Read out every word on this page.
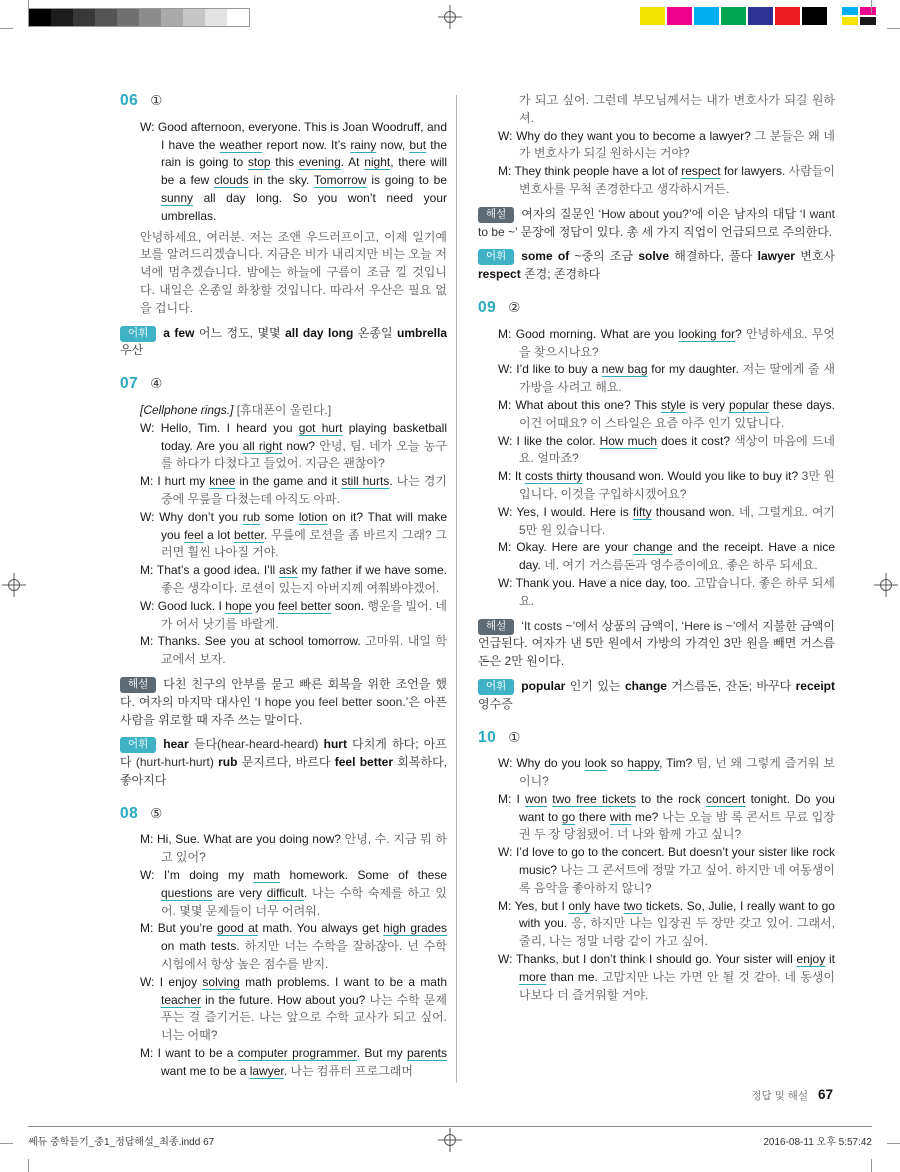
06 ①
W: Good afternoon, everyone. This is Joan Woodruff, and I have the weather report now. It’s rainy now, but the rain is going to stop this evening. At night, there will be a few clouds in the sky. Tomorrow is going to be sunny all day long. So you won’t need your umbrellas.
안녕하세요, 여러분. 저는 조앤 우드러프이고, 이제 일기예보를 알려드리겠습니다. 지금은 비가 내리지만 비는 오늘 저녁에 멈추겠습니다. 밤에는 하늘에 구름이 조금 낄 것입니다. 내일은 온종일 화창할 것입니다. 따라서 우산은 필요 없을 겁니다.
어휘 a few 어느 정도, 몇몇 all day long 온종일 umbrella 우산
07 ④
[Cellphone rings.] [휴대폰이 울린다.]
W: Hello, Tim. I heard you got hurt playing basketball today. Are you all right now? 안녕, 팀. 네가 오늘 농구를 하다가 다쳤다고 들었어. 지금은 괜찮아?
M: I hurt my knee in the game and it still hurts. 나는 경기 중에 무릎을 다쳤는데 아직도 아파.
W: Why don’t you rub some lotion on it? That will make you feel a lot better. 무릎에 로션을 좀 바르지 그래? 그러면 훨씬 나아질 거야.
M: That’s a good idea. I’ll ask my father if we have some. 좋은 생각이다. 로션이 있는지 아버지께 여쭤봐야겠어.
W: Good luck. I hope you feel better soon. 행운을 빌어. 네가 어서 낫기를 바랄게.
M: Thanks. See you at school tomorrow. 고마워. 내일 학교에서 보자.
해설 다친 친구의 안부를 묻고 빠른 회복을 위한 조언을 했다. 여자의 마지막 대사인 ‘I hope you feel better soon.’은 아픈 사람을 위로할 때 자주 쓰는 말이다.
어휘 hear 듣다(hear-heard-heard) hurt 다치게 하다; 아프다 (hurt-hurt-hurt) rub 문지르다, 바르다 feel better 회복하다, 좋아지다
08 ⑤
M: Hi, Sue. What are you doing now? 안녕, 수. 지금 뭐 하고 있어?
W: I’m doing my math homework. Some of these questions are very difficult. 나는 수학 숙제를 하고 있어. 몇몇 문제들이 너무 어려워.
M: But you’re good at math. You always get high grades on math tests. 하지만 너는 수학을 잘하잖아. 넌 수학 시험에서 항상 높은 점수를 받지.
W: I enjoy solving math problems. I want to be a math teacher in the future. How about you? 나는 수학 문제 푸는 걸 즐기거든. 나는 앞으로 수학 교사가 되고 싶어. 너는 어때?
M: I want to be a computer programmer. But my parents want me to be a lawyer. 나는 컴퓨터 프로그래머
가 되고 싶어. 그런데 부모님께서는 내가 변호사가 되길 원하셔.
W: Why do they want you to become a lawyer? 그 분들은 왜 네가 변호사가 되길 원하시는 거야?
M: They think people have a lot of respect for lawyers. 사람들이 변호사를 무척 존경한다고 생각하시거든.
해설 여자의 질문인 ‘How about you?’에 이은 남자의 대답 ‘I want to be ~’ 문장에 정답이 있다. 총 세 가지 직업이 언급되므로 주의한다.
어휘 some of ~중의 조금 solve 해결하다, 풀다 lawyer 변호사 respect 존경; 존경하다
09 ②
M: Good morning. What are you looking for? 안녕하세요. 무엇을 찾으시나요?
W: I’d like to buy a new bag for my daughter. 저는 딸에게 줄 새 가방을 사려고 해요.
M: What about this one? This style is very popular these days. 이건 어때요? 이 스타일은 요즘 아주 인기 있답니다.
W: I like the color. How much does it cost? 색상이 마음에 드네요. 얼마죠?
M: It costs thirty thousand won. Would you like to buy it? 3만 원입니다. 이것을 구입하시겠어요?
W: Yes, I would. Here is fifty thousand won. 네, 그럴게요. 여기 5만 원 있습니다.
M: Okay. Here are your change and the receipt. Have a nice day. 네. 여기 거스름돈과 영수증이에요. 좋은 하루 되세요.
W: Thank you. Have a nice day, too. 고맙습니다. 좋은 하루 되세요.
해설 ‘It costs ~’에서 상품의 금액이, ‘Here is ~’에서 지불한 금액이 언급된다. 여자가 낸 5만 원에서 가방의 가격인 3만 원을 빼면 거스름돈은 2만 원이다.
어휘 popular 인기 있는 change 거스름돈, 잔돈; 바꾸다 receipt 영수증
10 ①
W: Why do you look so happy, Tim? 팀, 넌 왜 그렇게 즐거워 보이니?
M: I won two free tickets to the rock concert tonight. Do you want to go there with me? 나는 오늘 밤 록 콘서트 무료 입장권 두 장 당첨됐어. 너 나와 함께 가고 싶니?
W: I’d love to go to the concert. But doesn’t your sister like rock music? 나는 그 콘서트에 정말 가고 싶어. 하지만 네 여동생이 록 음악을 좋아하지 않니?
M: Yes, but I only have two tickets. So, Julie, I really want to go with you. 응, 하지만 나는 입장권 두 장만 갖고 있어. 그래서, 줄리, 나는 정말 너랑 같이 가고 싶어.
W: Thanks, but I don’t think I should go. Your sister will enjoy it more than me. 고맙지만 나는 가면 안 될 것 같아. 네 동생이 나보다 더 즐거워할 거야.
정답 및 해설 67
쎄듀 중학듣기_중1_정답해설_최종.indd 67	2016-08-11 오후 5:57:42
